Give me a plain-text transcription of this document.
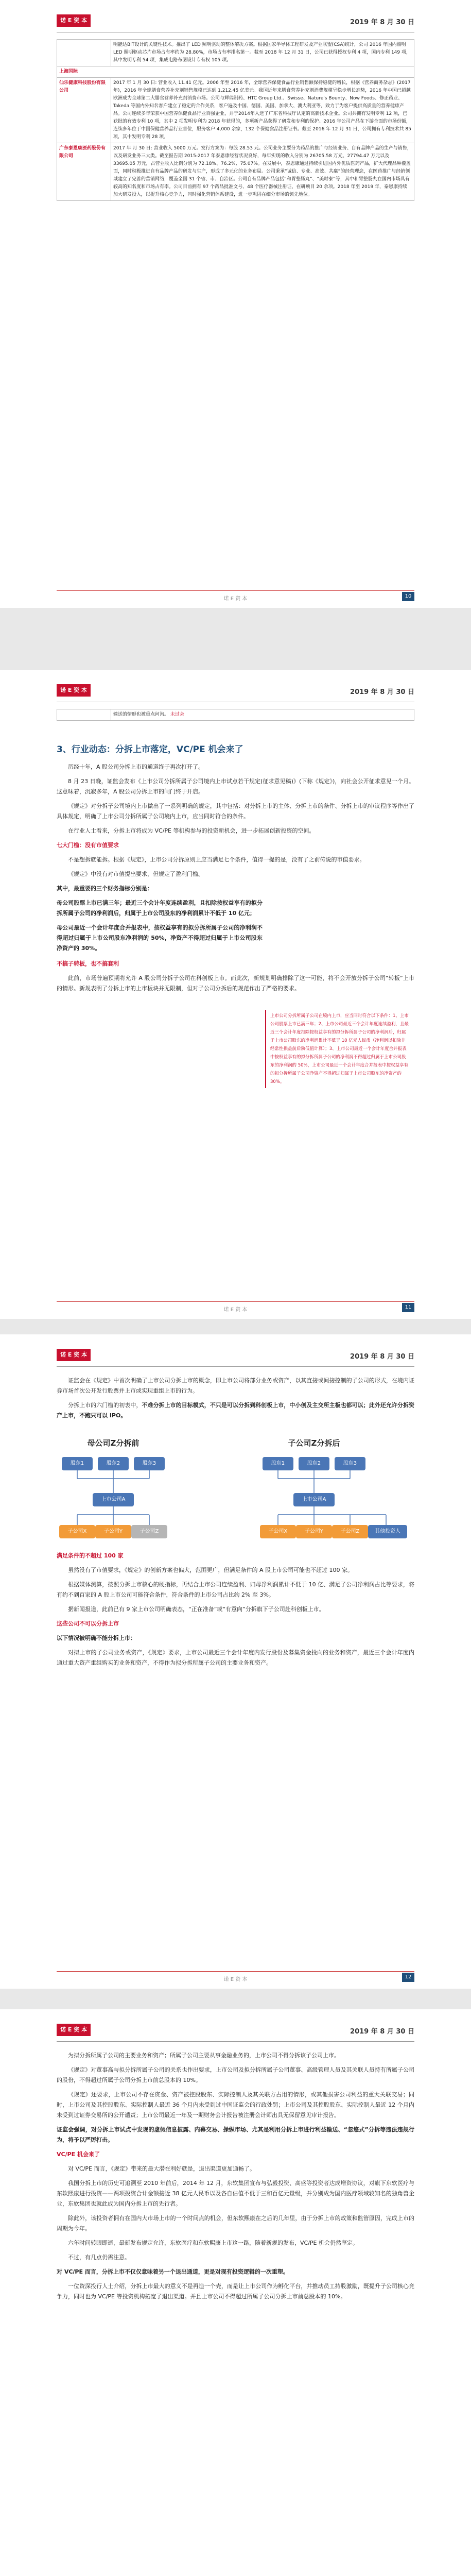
诺 E 资 本	2019 年 8 月 30 日
	明能达BIT设计的关键性技术。推出了 LED 照明驱动的整体解决方案。根据国家半导体工程研发及产业联盟(CSA)统计，公司 2016 年国内照明 LED 照明驱动芯片市场占有率约为 28.80%，市场占有率排名第一。截至 2018 年 12 月 31 日，公司已获得授权专利 4 项，国内专利 149 项，其中发明专利 54 项，集成电路布图设计专有权 105 项。
上海国际	
仙乐健康科技股份有限公司	2017 年 1 月 30 日: 营业收入 11.41 亿元。2006 年至 2016 年，全球营养保健食品行业销售额保持稳健的增长，根据《营养商务杂志》(2017 年)，2016 年全球膳食营养补充剂销售规模已达到 1,212.45 亿美元。我国近年来膳食营养补充剂消费规模呈稳步增长态势，2016 年中国已超越欧洲成为全球第二大膳食营养补充剂消费市场。公司与辉瑞制药、HTC Group Ltd.、Swisse、Nature's Bounty、Now Foods、修正药业、Takeda 等国内外知名客户建立了稳定的合作关系，客户遍及中国、德国、美国、加拿大、澳大利亚等，致力于为客户提供高质量的营养健康产品。公司连续多年荣获中国营养保健食品行业百强企业，并于2014年入选了广东省科技厅认定的高新技术企业。公司共拥有发明专利 12 项，已获批的有效专利 10 项，其中 2 项发明专利为 2018 年获得的，多项新产品获得了研发和专利的保护。2016 年公司产品在下游全面的市场份额，连续多年位于中国保健营养品行业首位，服务客户 4,000 余家，132 个保健食品注册证书。截至 2016 年 12 月 31 日，公司拥有专利技术共 85 项，其中发明专利 28 项。
广东泰恩康医药股份有限公司	2017 年 月 30 日: 营业收入 5000 万元。发行方案为：每股 28.53 元。公司业务主要分为药品的推广与经销业务、自有品牌产品的生产与销售，以及研发业务三大类。截至报告期 2015-2017 年泰恩康经营状况良好，每年实现的收入分别为 26705.58 万元、27794.47 万元以及 33695.05 万元，占营业收入比例分别为 72.18%、76.2%、75.07%。在发展中，泰恩康通过持续引进国内外优质医药产品，扩大代理品种覆盖面，同时积极推进自有品牌产品的研发与生产，形成了多元化的业务布局。公司秉承“诚信、专业、高效、共赢”的经营理念，在医药推广与经销领域建立了完善的营销网络，覆盖全国 31 个省、市、自治区。公司自有品牌产品包括“和胃整肠丸”、“美时泰”等，其中和胃整肠丸在国内市场具有较高的知名度和市场占有率。公司目前拥有 97 个药品批准文号、48 个医疗器械注册证，在研项目 20 余项。2018 年至 2019 年，泰恩康持续加大研发投入，以提升核心竞争力，同时强化营销体系建设，进一步巩固在细分市场的领先地位。
诺 E 资 本	10
诺 E 资 本	2019 年 8 月 30 日
	输送的情形也被重点问询。 未过会
3、行业动态：分拆上市落定，VC/PE 机会来了

历经十年，A 股公司分拆上市的通道终于再次打开了。

8 月 23 日晚，证监会发布《上市公司分拆所属子公司境内上市试点若干规定(征求意见稿)》(下称《规定》)，向社会公开征求意见一个月。这意味着，沉寂多年，A 股公司分拆上市的闸门终于开启。

《规定》对分拆子公司境内上市做出了一系列明确的规定，其中包括：对分拆上市的主体、分拆上市的条件、分拆上市的审议程序等作出了具体规定，明确了上市公司分拆所属子公司境内上市，应当同时符合的条件。

在行业人士看来，分拆上市将成为 VC/PE 等机构参与的投资新机会，进一步拓展创新投资的空间。

七大门槛：没有市值要求

不是想拆就能拆。根据《规定》，上市公司分拆原则上应当满足七个条件，值得一提的是，没有了之前传说的市值要求。

《规定》中没有对市值提出要求，但规定了盈利门槛。

其中，最重要的三个财务指标分别是：

母公司股票上市已满三年；最近三个会计年度连续盈利，且扣除按权益享有的拟分拆所属子公司的净利润后，归属于上市公司股东的净利润累计不低于 10 亿元；

母公司最近一个会计年度合并报表中，按权益享有的拟分拆所属子公司的净利润不得超过归属于上市公司股东净利润的 50%，净资产不得超过归属于上市公司股东净资产的 30%。

不搞子转板，也不搞套利

此前，市场普遍预期将允许 A 股公司分拆子公司在科创板上市。而此次，新规划明确排除了这一可能，将不会开放分拆子公司“转板”上市的情形。新规表明了分拆上市的上市板块并无限制，但对子公司分拆后的规范作出了严格的要求。

上市公司分拆所属子公司在境内上市，应当同时符合以下条件：1、上市公司股票上市已满三年；2、上市公司最近三个会计年度连续盈利，且最近三个会计年度扣除按权益享有的拟分拆所属子公司的净利润后，归属于上市公司股东的净利润累计不低于 10 亿元人民币（净利润以扣除非经常性损益前后孰低值计算）；3、上市公司最近一个会计年度合并报表中按权益享有的拟分拆所属子公司的净利润不得超过归属于上市公司股东的净利润的 50%，上市公司最近一个会计年度合并报表中按权益享有的拟分拆所属子公司净资产不得超过归属于上市公司股东的净资产的 30%。
诺 E 资 本	11
诺 E 资 本	2019 年 8 月 30 日

证监会在《规定》中首次明确了上市公司分拆上市的概念，即上市公司将部分业务或资产，以其直接或间接控制的子公司的形式，在境内证券市场首次公开发行股票并上市或实现重组上市的行为。

分拆上市的六门槛的初衷中，不难分拆上市的目标模式，不只是可以分拆到科创板上市，中小创及主交所主板也都可以；此外还允许分拆资产上市，不跑只可以 IPO。

母公司Z分拆前	子公司Z分拆后
股东1	股东2	股东3
上市公司A
子公司X	子公司Y	子公司Z
股东1	股东2	股东3
上市公司A
子公司X	子公司Y	子公司Z	其他投资人

满足条件的不超过 100 家

虽然没有了市值要求，《规定》的创新方案也偏大，范围更广，但满足条件的 A 股上市公司可能也不超过 100 家。

根据媒体测算，按照分拆上市核心的硬指标，再结合上市公司连续盈利、归母净利润累计不低于 10 亿、满足子公司净利润占比等要求，将有约不到百家的 A 股上市公司可能符合条件，符合条件的上市公司占比约 2% 至 3%。

据新闻报道，此前已有 9 家上市公司明确表态，“正在准备”或“有意向”分拆旗下子公司赴科创板上市。

这些公司不可以分拆上市

以下情况被明确不能分拆上市：

对拟上市的子公司业务或资产，《规定》要求，上市公司最近三个会计年度内发行股份及募集资金投向的业务和资产，最近三个会计年度内通过重大资产重组购买的业务和资产，不得作为拟分拆所属子公司的主要业务和资产。

诺 E 资 本	12
诺 E 资 本	2019 年 8 月 30 日

为拟分拆所属子公司的主要业务和资产；所属子公司主要从事金融业务的，上市公司不得分拆该子公司上市。

《规定》对董事高与拟分拆所属子公司的关系也作出要求，上市公司及拟分拆所属子公司董事、高级管理人员及其关联人员持有所属子公司的股份，不得超过所属子公司分拆上市前总股本的 10%。

《规定》还要求，上市公司不存在资金、资产被控股股东、实际控制人及其关联方占用的情形，或其他损害公司利益的重大关联交易；同时，上市公司及其控股股东、实际控制人最近 36 个月内未受到过中国证监会的行政处罚；上市公司及其控股股东、实际控制人最近 12 个月内未受到过证券交易所的公开谴责；上市公司最近一年及一期财务会计报告被注册会计师出具无保留意见审计报告。

证监会强调，对分拆上市试点中发现的虚假信息披露、内幕交易、操纵市场、尤其是利用分拆上市进行利益输送、“忽悠式”分拆等违法违规行为，将予以严厉打击。

VC/PE 机会来了

对 VC/PE 而言，《规定》带来的最大潜在利好就是，退出渠道更加通畅了。

我国分拆上市的历史可追溯至 2010 年前后，2014 年 12 月，东软集团宣布与弘毅投资、高盛等投资者达成增资协议，对旗下东软医疗与东软熙康进行投资——两项投资合计金额接近 38 亿元人民币以及各自估值不低于三和百亿元量级，并分别成为国内医疗领域较知名的独角兽企业，东软集团也就此成为国内分拆上市的先行者。

除此外，该投资者拥有在国内大市场上市的一个时间点的机会，但东软熙康在之后的几年里，由于分拆上市的政策和监管原因，完成上市的周期为今年。

六年时间转眼即逝，最新发布规定允许，东软医疗和东软熙康上市这一路，随着新规的发布，VC/PE 机会仍然坚定。

不过，有几点仍需注意。

对 VC/PE 而言，分拆上市不仅仅意味着另一个退出通道，更是对现有投资逻辑的一次重塑。

一位资深投行人士介绍，分拆上市最大的意义不是再造一个壳，而是让上市公司作为孵化平台，并推动员工持股激励，既提升子公司核心竞争力，同时也为 VC/PE 等投资机构拓宽了退出渠道。并且上市公司不得超过所属子公司分拆上市前总股本的 10%。
